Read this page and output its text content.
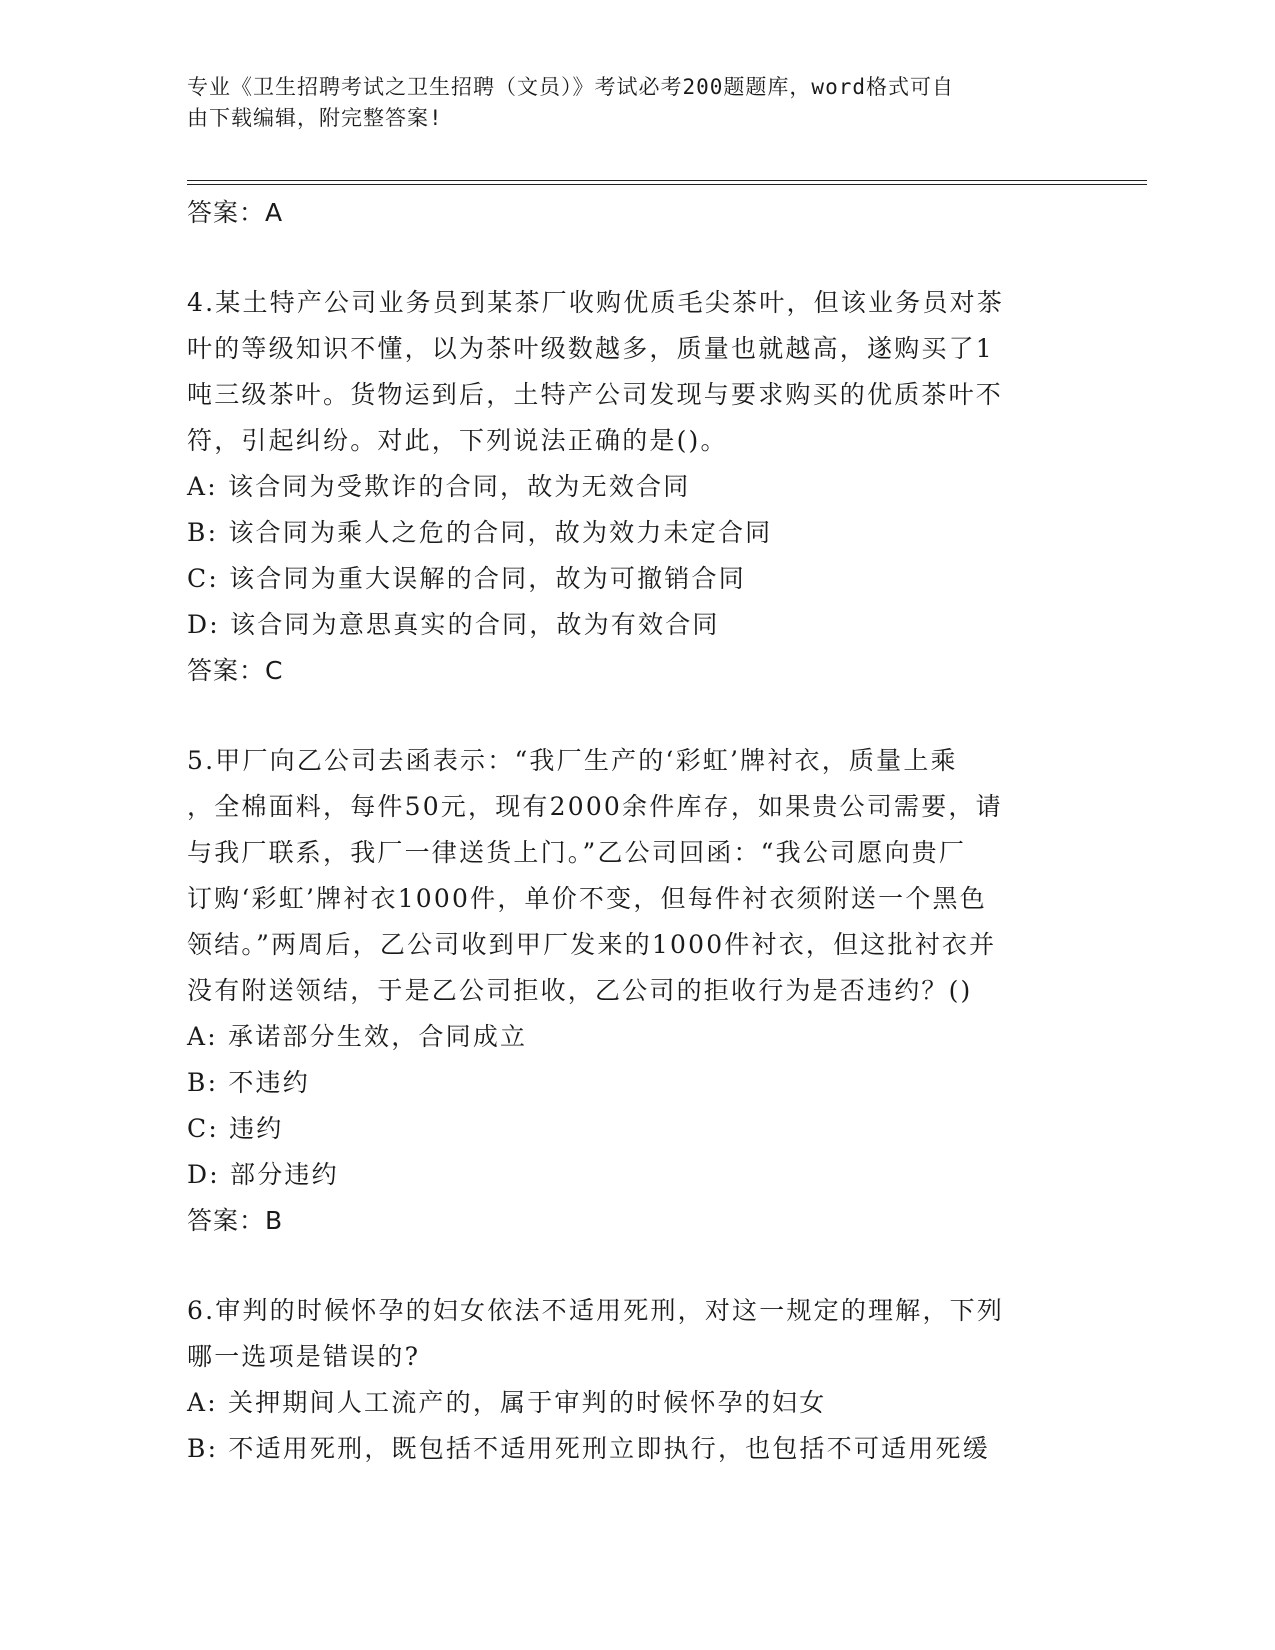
专业《卫生招聘考试之卫生招聘（文员）》考试必考200题题库，word格式可自
由下载编辑，附完整答案!
答案：A
4.某土特产公司业务员到某茶厂收购优质毛尖茶叶，但该业务员对茶
叶的等级知识不懂，以为茶叶级数越多，质量也就越高，遂购买了1
吨三级茶叶。货物运到后，土特产公司发现与要求购买的优质茶叶不
符，引起纠纷。对此，下列说法正确的是()。
A: 该合同为受欺诈的合同，故为无效合同
B: 该合同为乘人之危的合同，故为效力未定合同
C: 该合同为重大误解的合同，故为可撤销合同
D: 该合同为意思真实的合同，故为有效合同
答案：C
5.甲厂向乙公司去函表示：“我厂生产的‘彩虹’牌衬衣，质量上乘
，全棉面料，每件50元，现有2000余件库存，如果贵公司需要，请
与我厂联系，我厂一律送货上门。”乙公司回函：“我公司愿向贵厂
订购‘彩虹’牌衬衣1000件，单价不变，但每件衬衣须附送一个黑色
领结。”两周后，乙公司收到甲厂发来的1000件衬衣，但这批衬衣并
没有附送领结，于是乙公司拒收，乙公司的拒收行为是否违约？()
A: 承诺部分生效，合同成立
B: 不违约
C: 违约
D: 部分违约
答案：B
6.审判的时候怀孕的妇女依法不适用死刑，对这一规定的理解，下列
哪一选项是错误的?
A: 关押期间人工流产的，属于审判的时候怀孕的妇女
B: 不适用死刑，既包括不适用死刑立即执行，也包括不可适用死缓
